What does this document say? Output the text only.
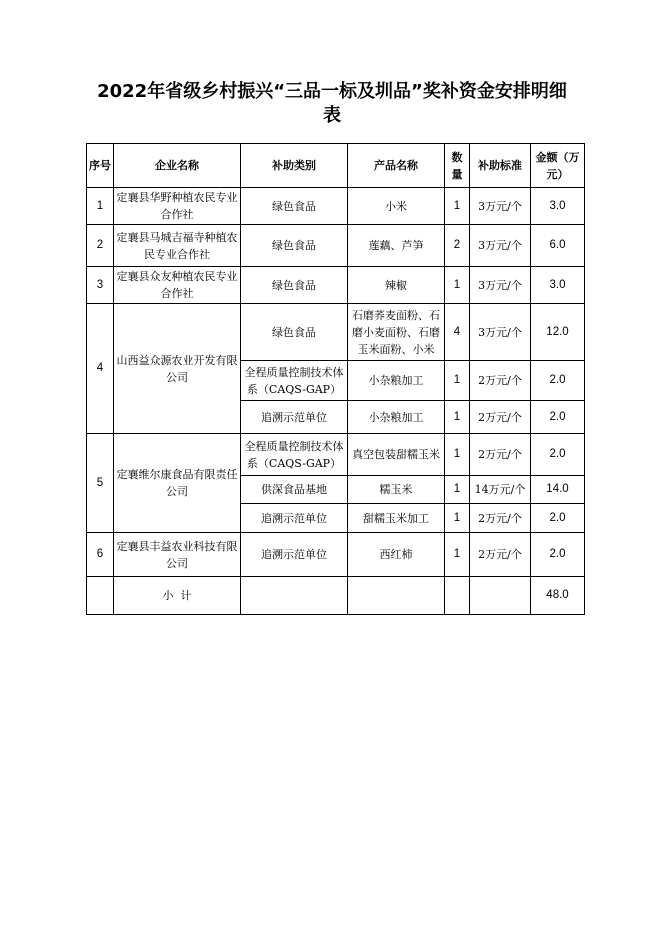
2022年省级乡村振兴“三品一标及圳品”奖补资金安排明细
表
序号	企业名称	补助类别	产品名称	数量	补助标准	金额（万元）
1	定襄县华野种植农民专业合作社	绿色食品	小米	1	3万元/个	3.0
2	定襄县马城吉福寺种植农民专业合作社	绿色食品	莲藕、芦笋	2	3万元/个	6.0
3	定襄县众友种植农民专业合作社	绿色食品	辣椒	1	3万元/个	3.0
4	山西益众源农业开发有限公司	绿色食品	石磨荞麦面粉、石磨小麦面粉、石磨玉米面粉、小米	4	3万元/个	12.0
		全程质量控制技术体系（CAQS-GAP）	小杂粮加工	1	2万元/个	2.0
		追溯示范单位	小杂粮加工	1	2万元/个	2.0
5	定襄维尔康食品有限责任公司	全程质量控制技术体系（CAQS-GAP）	真空包装甜糯玉米	1	2万元/个	2.0
		供深食品基地	糯玉米	1	14万元/个	14.0
		追溯示范单位	甜糯玉米加工	1	2万元/个	2.0
6	定襄县丰益农业科技有限公司	追溯示范单位	西红柿	1	2万元/个	2.0
	小  计					48.0
